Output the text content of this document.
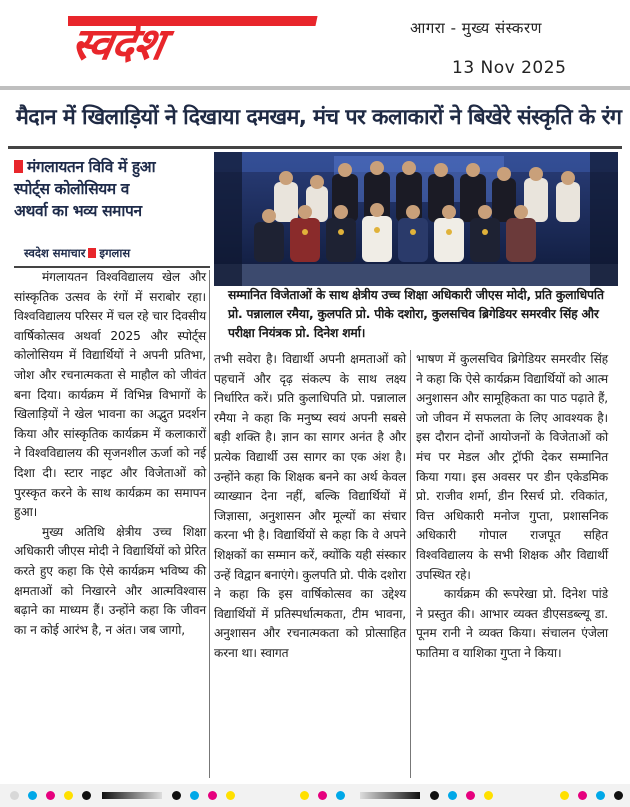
स्वदेश	आगरा - मुख्य संस्करण
13 Nov 2025
मैदान में खिलाड़ियों ने दिखाया दमखम, मंच पर कलाकारों ने बिखेरे संस्कृति के रंग
मंगलायतन विवि में हुआ
स्पोर्ट्स कोलोसियम व
अथर्वा का भव्य समापन
स्वदेश समाचार इगलास
सम्मानित विजेताओं के साथ क्षेत्रीय उच्च शिक्षा अधिकारी जीएस मोदी, प्रति कुलाधिपति प्रो. पन्नालाल रमैया, कुलपति प्रो. पीके दशोरा, कुलसचिव ब्रिगेडियर समरवीर सिंह और परीक्षा नियंत्रक प्रो. दिनेश शर्मा।

मंगलायतन विश्वविद्यालय खेल और सांस्कृतिक उत्सव के रंगों में सराबोर रहा। विश्वविद्यालय परिसर में चल रहे चार दिवसीय वार्षिकोत्सव अथर्वा 2025 और स्पोर्ट्स कोलोसियम में विद्यार्थियों ने अपनी प्रतिभा, जोश और रचनात्मकता से माहौल को जीवंत बना दिया। कार्यक्रम में विभिन्न विभागों के खिलाड़ियों ने खेल भावना का अद्भुत प्रदर्शन किया और सांस्कृतिक कार्यक्रम में कलाकारों ने विश्वविद्यालय की सृजनशील ऊर्जा को नई दिशा दी। स्टार नाइट और विजेताओं को पुरस्कृत करने के साथ कार्यक्रम का समापन हुआ।

मुख्य अतिथि क्षेत्रीय उच्च शिक्षा अधिकारी जीएस मोदी ने विद्यार्थियों को प्रेरित करते हुए कहा कि ऐसे कार्यक्रम भविष्य की क्षमताओं को निखारने और आत्मविश्वास बढ़ाने का माध्यम हैं। उन्होंने कहा कि जीवन का न कोई आरंभ है, न अंत। जब जागो,

तभी सवेरा है। विद्यार्थी अपनी क्षमताओं को पहचानें और दृढ़ संकल्प के साथ लक्ष्य निर्धारित करें। प्रति कुलाधिपति प्रो. पन्नालाल रमैया ने कहा कि मनुष्य स्वयं अपनी सबसे बड़ी शक्ति है। ज्ञान का सागर अनंत है और प्रत्येक विद्यार्थी उस सागर का एक अंश है। उन्होंने कहा कि शिक्षक बनने का अर्थ केवल व्याख्यान देना नहीं, बल्कि विद्यार्थियों में जिज्ञासा, अनुशासन और मूल्यों का संचार करना भी है। विद्यार्थियों से कहा कि वे अपने शिक्षकों का सम्मान करें, क्योंकि यही संस्कार उन्हें विद्वान बनाएंगे। कुलपति प्रो. पीके दशोरा ने कहा कि इस वार्षिकोत्सव का उद्देश्य विद्यार्थियों में प्रतिस्पर्धात्मकता, टीम भावना, अनुशासन और रचनात्मकता को प्रोत्साहित करना था। स्वागत

भाषण में कुलसचिव ब्रिगेडियर समरवीर सिंह ने कहा कि ऐसे कार्यक्रम विद्यार्थियों को आत्म अनुशासन और सामूहिकता का पाठ पढ़ाते हैं, जो जीवन में सफलता के लिए आवश्यक है। इस दौरान दोनों आयोजनों के विजेताओं को मंच पर मेडल और ट्रॉफी देकर सम्मानित किया गया। इस अवसर पर डीन एकेडमिक प्रो. राजीव शर्मा, डीन रिसर्च प्रो. रविकांत, वित्त अधिकारी मनोज गुप्ता, प्रशासनिक अधिकारी गोपाल राजपूत सहित विश्वविद्यालय के सभी शिक्षक और विद्यार्थी उपस्थित रहे।

कार्यक्रम की रूपरेखा प्रो. दिनेश पांडे ने प्रस्तुत की। आभार व्यक्त डीएसडब्ल्यू डा. पूनम रानी ने व्यक्त किया। संचालन एंजेला फातिमा व याशिका गुप्ता ने किया।
